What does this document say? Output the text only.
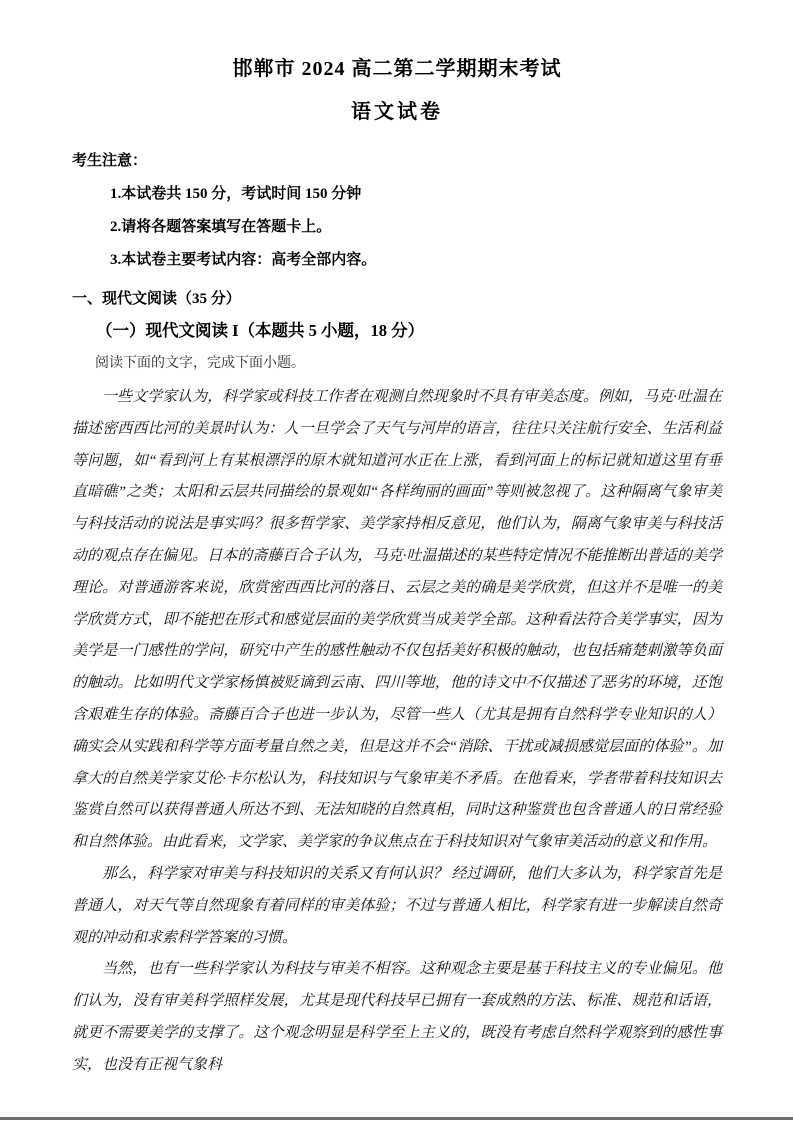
邯郸市 2024 高二第二学期期末考试
语文试卷
考生注意：
1.本试卷共 150 分，考试时间 150 分钟
2.请将各题答案填写在答题卡上。
3.本试卷主要考试内容：高考全部内容。
一、现代文阅读（35 分）
（一）现代文阅读 I（本题共 5 小题，18 分）
阅读下面的文字，完成下面小题。

一些文学家认为，科学家或科技工作者在观测自然现象时不具有审美态度。例如，马克·吐温在描述密西西比河的美景时认为：人一旦学会了天气与河岸的语言，往往只关注航行安全、生活利益等问题，如“看到河上有某根漂浮的原木就知道河水正在上涨，看到河面上的标记就知道这里有垂直暗礁”之类；太阳和云层共同描绘的景观如“各样绚丽的画面”等则被忽视了。这种隔离气象审美与科技活动的说法是事实吗？很多哲学家、美学家持相反意见，他们认为，隔离气象审美与科技活动的观点存在偏见。日本的斋藤百合子认为，马克·吐温描述的某些特定情况不能推断出普适的美学理论。对普通游客来说，欣赏密西西比河的落日、云层之美的确是美学欣赏，但这并不是唯一的美学欣赏方式，即不能把在形式和感觉层面的美学欣赏当成美学全部。这种看法符合美学事实，因为美学是一门感性的学问，研究中产生的感性触动不仅包括美好积极的触动，也包括痛楚刺激等负面的触动。比如明代文学家杨慎被贬谪到云南、四川等地，他的诗文中不仅描述了恶劣的环境，还饱含艰难生存的体验。斋藤百合子也进一步认为，尽管一些人（尤其是拥有自然科学专业知识的人）确实会从实践和科学等方面考量自然之美，但是这并不会“消除、干扰或减损感觉层面的体验”。加拿大的自然美学家艾伦·卡尔松认为，科技知识与气象审美不矛盾。在他看来，学者带着科技知识去鉴赏自然可以获得普通人所达不到、无法知晓的自然真相，同时这种鉴赏也包含普通人的日常经验和自然体验。由此看来，文学家、美学家的争议焦点在于科技知识对气象审美活动的意义和作用。

那么，科学家对审美与科技知识的关系又有何认识？ 经过调研，他们大多认为，科学家首先是普通人，对天气等自然现象有着同样的审美体验；不过与普通人相比，科学家有进一步解读自然奇观的冲动和求索科学答案的习惯。

当然，也有一些科学家认为科技与审美不相容。这种观念主要是基于科技主义的专业偏见。他们认为，没有审美科学照样发展，尤其是现代科技早已拥有一套成熟的方法、标准、规范和话语，就更不需要美学的支撑了。这个观念明显是科学至上主义的，既没有考虑自然科学观察到的感性事实，也没有正视气象科
